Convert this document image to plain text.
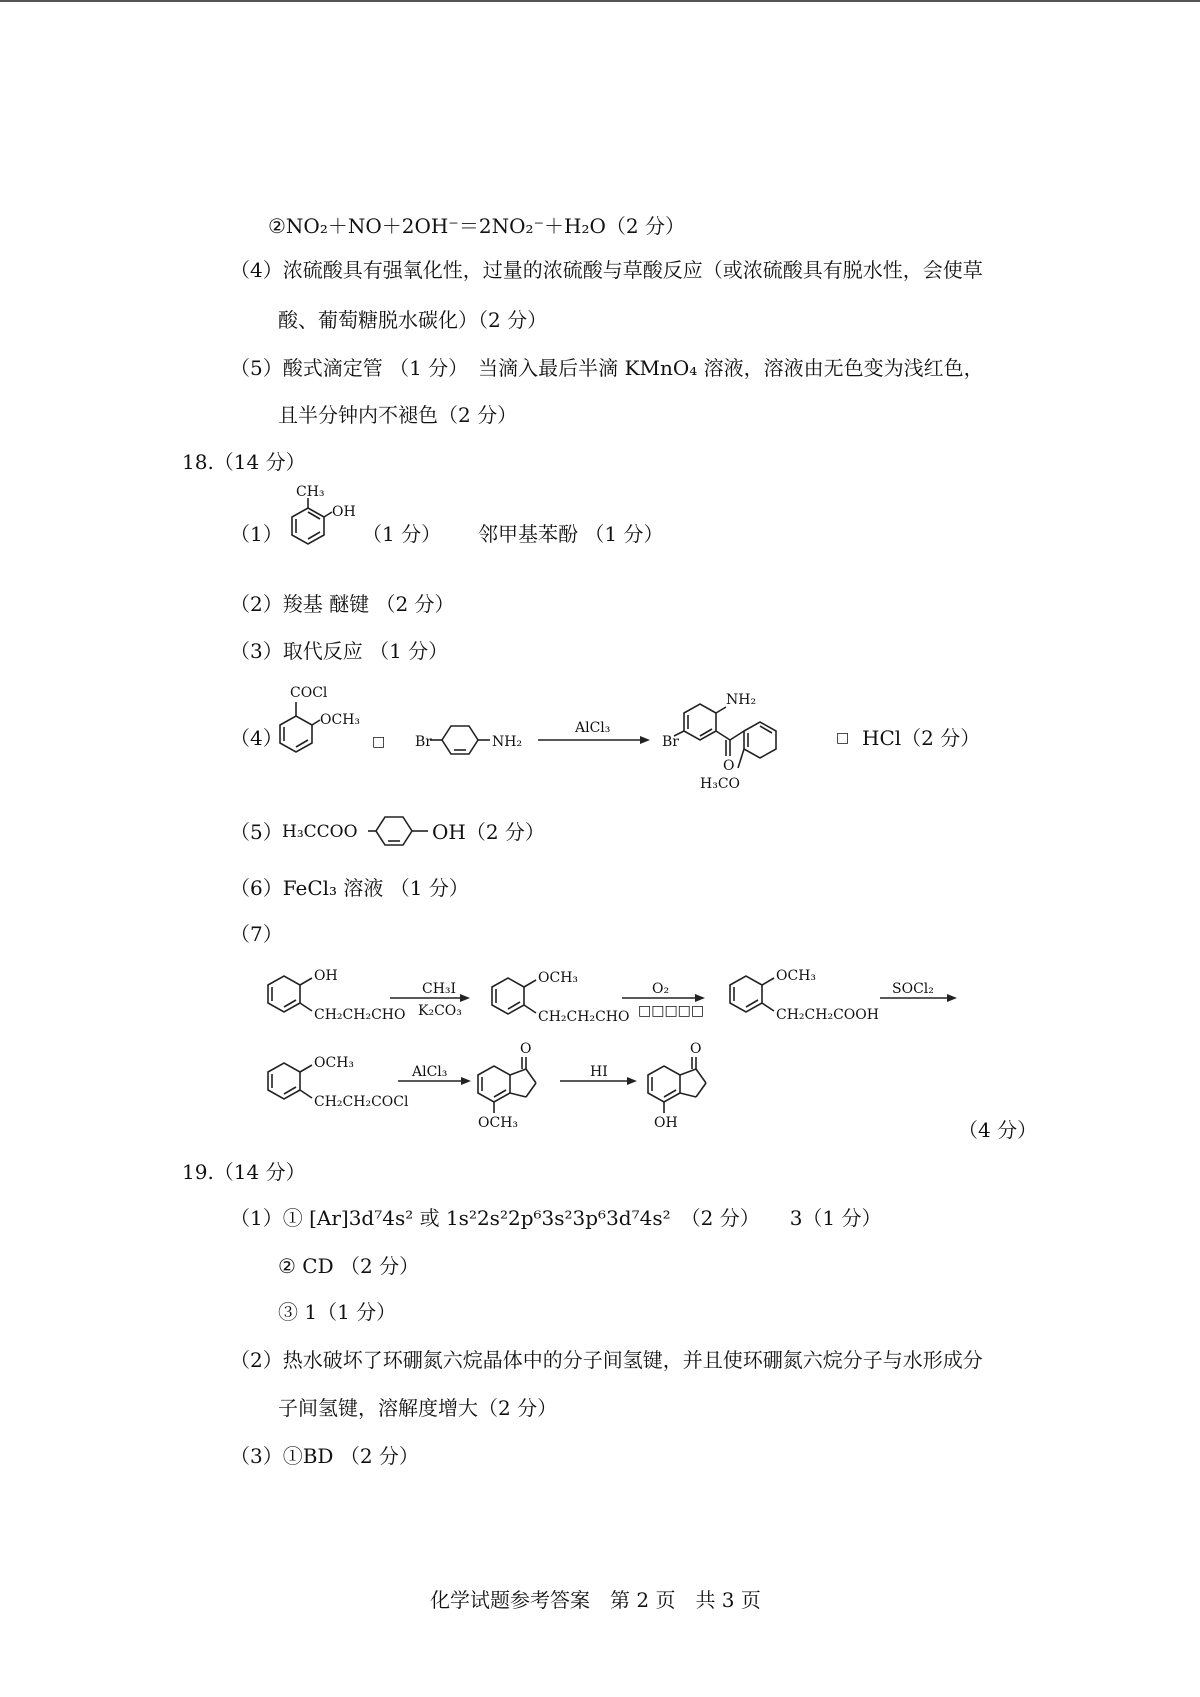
②NO₂＋NO＋2OH⁻＝2NO₂⁻＋H₂O（2 分）
（4）浓硫酸具有强氧化性，过量的浓硫酸与草酸反应（或浓硫酸具有脱水性，会使草
酸、葡萄糖脱水碳化）（2 分）
（5）酸式滴定管 （1 分）　当滴入最后半滴 KMnO₄ 溶液，溶液由无色变为浅红色，
且半分钟内不褪色（2 分）
18.（14 分）
（1）
CH₃
OH
（1 分） 邻甲基苯酚 （1 分）
（2）羧基 醚键 （2 分）
（3）取代反应 （1 分）
（4）
COCl
OCH₃
□ Br	NH₂
AlCl₃
Br
NH₂
O
H₃CO
□ HCl（2 分）
（5） H₃CCOO	OH（2 分）
（6）FeCl₃ 溶液 （1 分）
（7）
OH
CH₂CH₂CHO
CH₃I
K₂CO₃
OCH₃
CH₂CH₂CHO
O₂
□□□□□
OCH₃
CH₂CH₂COOH
SOCl₂
OCH₃
CH₂CH₂COCl
AlCl₃
O
OCH₃
HI
O
OH	（4 分）
19.（14 分）
（1）① [Ar]3d⁷4s² 或 1s²2s²2p⁶3s²3p⁶3d⁷4s²　（2 分）　　3（1 分）
② CD （2 分）
③ 1（1 分）
（2）热水破坏了环硼氮六烷晶体中的分子间氢键，并且使环硼氮六烷分子与水形成分
子间氢键，溶解度增大（2 分）
（3）①BD （2 分）
化学试题参考答案　第 2 页　共 3 页
